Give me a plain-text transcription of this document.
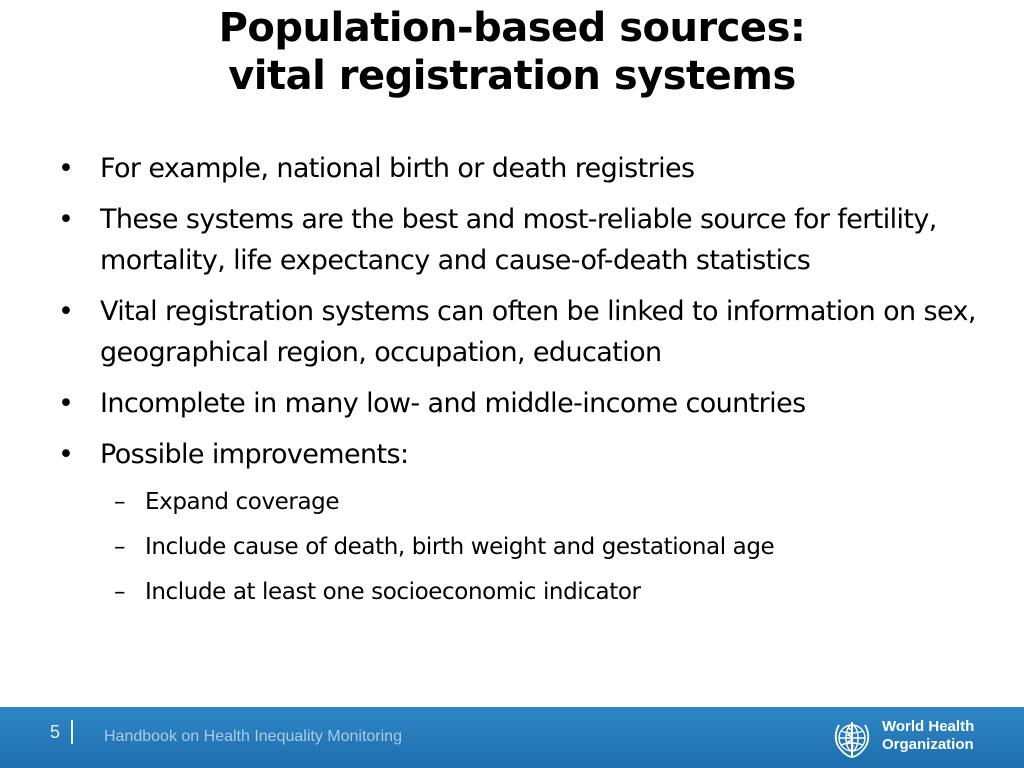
Population-based sources:
vital registration systems
• For example, national birth or death registries
• These systems are the best and most-reliable source for fertility, mortality, life expectancy and cause-of-death statistics
• Vital registration systems can often be linked to information on sex, geographical region, occupation, education
• Incomplete in many low- and middle-income countries
• Possible improvements:
– Expand coverage
– Include cause of death, birth weight and gestational age
– Include at least one socioeconomic indicator
5	Handbook on Health Inequality Monitoring
World Health
Organization
